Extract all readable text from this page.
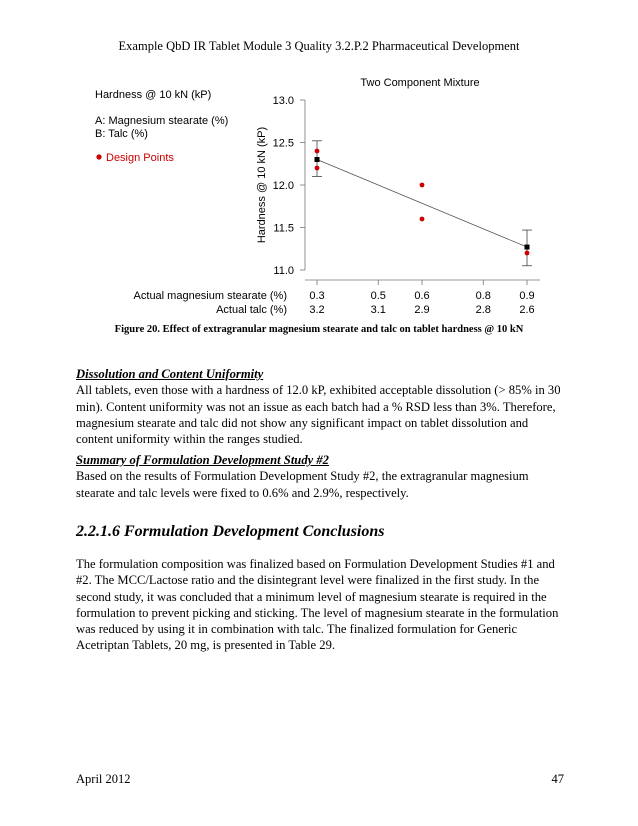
Example QbD IR Tablet Module 3 Quality 3.2.P.2 Pharmaceutical Development
Hardness @ 10 kN (kP)
A: Magnesium stearate (%)
B: Talc (%)
Design Points
Two Component Mixture
Hardness @ 10 kN (kP)
Actual magnesium stearate (%)
Actual talc (%)
11.0
11.5
12.0
12.5
13.0
0.3
3.2
0.5
3.1
0.6
2.9
0.8
2.8
0.9
2.6
Figure 20. Effect of extragranular magnesium stearate and talc on tablet hardness @ 10 kN
Dissolution and Content Uniformity

All tablets, even those with a hardness of 12.0 kP, exhibited acceptable dissolution (> 85% in 30 min). Content uniformity was not an issue as each batch had a % RSD less than 3%. Therefore, magnesium stearate and talc did not show any significant impact on tablet dissolution and content uniformity within the ranges studied.

Summary of Formulation Development Study #2

Based on the results of Formulation Development Study #2, the extragranular magnesium stearate and talc levels were fixed to 0.6% and 2.9%, respectively.

2.2.1.6 Formulation Development Conclusions

The formulation composition was finalized based on Formulation Development Studies #1 and #2. The MCC/Lactose ratio and the disintegrant level were finalized in the first study. In the second study, it was concluded that a minimum level of magnesium stearate is required in the formulation to prevent picking and sticking. The level of magnesium stearate in the formulation was reduced by using it in combination with talc. The finalized formulation for Generic Acetriptan Tablets, 20 mg, is presented in Table 29.

April 2012	47
